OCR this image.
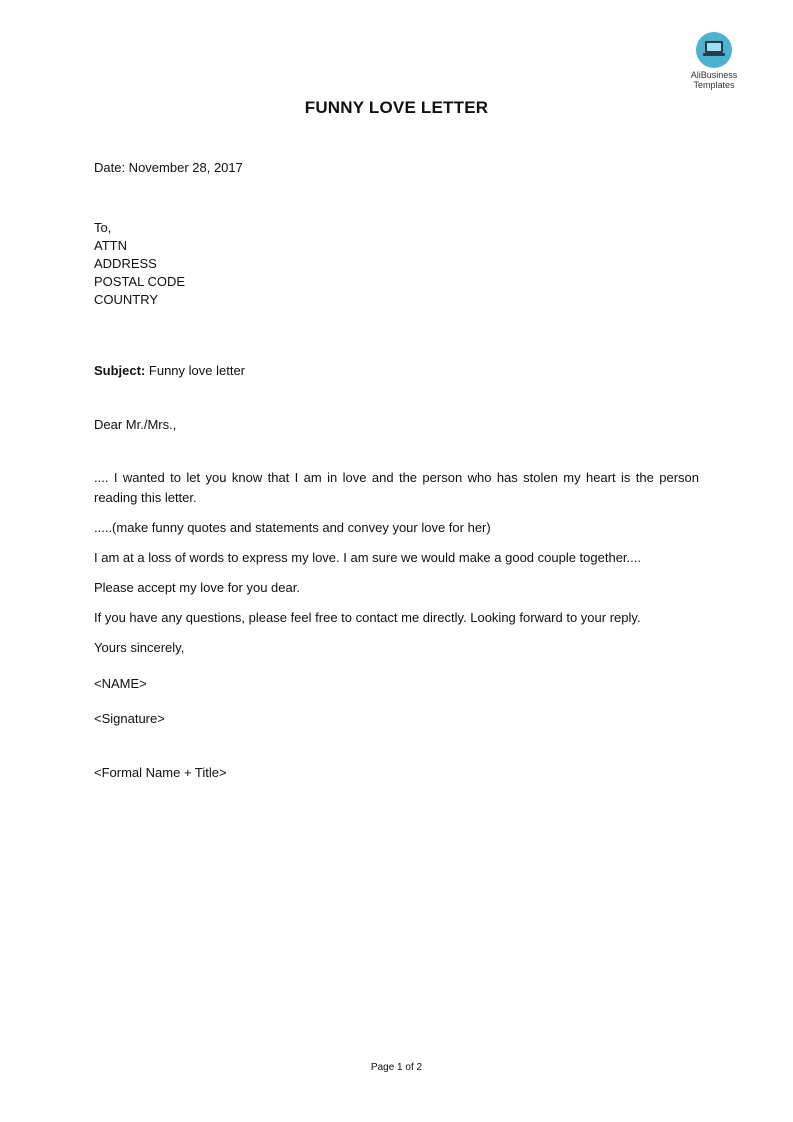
AliBusiness
Templates
FUNNY LOVE LETTER
Date: November 28, 2017
To,
ATTN
ADDRESS
POSTAL CODE
COUNTRY
Subject: Funny love letter
Dear Mr./Mrs.,
.... I wanted to let you know that I am in love and the person who has stolen my heart is the person reading this letter.
.....(make funny quotes and statements and convey your love for her)
I am at a loss of words to express my love. I am sure we would make a good couple together....
Please accept my love for you dear.
If you have any questions, please feel free to contact me directly. Looking forward to your reply.
Yours sincerely,
<NAME>
<Signature>
<Formal Name + Title>
Page 1 of 2
